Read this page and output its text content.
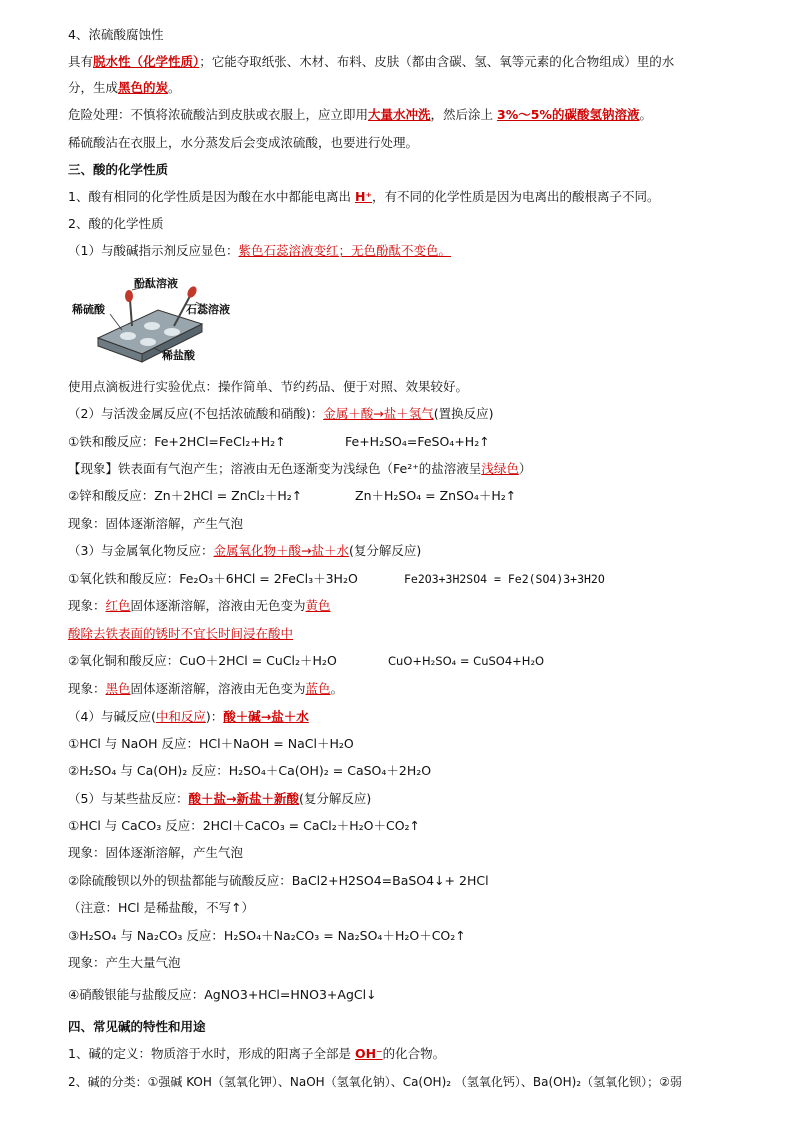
4、浓硫酸腐蚀性
具有脱水性（化学性质）；它能夺取纸张、木材、布料、皮肤（都由含碳、氢、氧等元素的化合物组成）里的水
分，生成黑色的炭。
危险处理：不慎将浓硫酸沾到皮肤或衣服上，应立即用大量水冲洗，然后涂上 3%～5%的碳酸氢钠溶液。
稀硫酸沾在衣服上，水分蒸发后会变成浓硫酸，也要进行处理。
三、酸的化学性质
1、酸有相同的化学性质是因为酸在水中都能电离出 H⁺，有不同的化学性质是因为电离出的酸根离子不同。
2、酸的化学性质
（1）与酸碱指示剂反应显色：紫色石蕊溶液变红；无色酚酞不变色。
酚酞溶液
石蕊溶液
稀硫酸
稀盐酸
使用点滴板进行实验优点：操作简单、节约药品、便于对照、效果较好。
（2）与活泼金属反应(不包括浓硫酸和硝酸)：金属＋酸→盐＋氢气(置换反应)
①铁和酸反应：Fe+2HCl=FeCl₂+H₂↑	Fe+H₂SO₄=FeSO₄+H₂↑
【现象】铁表面有气泡产生；溶液由无色逐渐变为浅绿色（Fe²⁺的盐溶液呈浅绿色）
②锌和酸反应：Zn＋2HCl = ZnCl₂＋H₂↑	Zn＋H₂SO₄ = ZnSO₄＋H₂↑
现象：固体逐渐溶解，产生气泡
（3）与金属氧化物反应：金属氧化物＋酸→盐＋水(复分解反应)
①氧化铁和酸反应：Fe₂O₃＋6HCl = 2FeCl₃＋3H₂O	Fe2O3+3H2SO4 = Fe2(SO4)3+3H2O
现象：红色固体逐渐溶解，溶液由无色变为黄色
酸除去铁表面的锈时不宜长时间浸在酸中
②氧化铜和酸反应：CuO＋2HCl = CuCl₂＋H₂O	CuO+H₂SO₄ = CuSO4+H₂O
现象：黑色固体逐渐溶解，溶液由无色变为蓝色。
（4）与碱反应(中和反应)：酸＋碱→盐＋水
①HCl 与 NaOH 反应：HCl＋NaOH = NaCl＋H₂O
②H₂SO₄ 与 Ca(OH)₂ 反应：H₂SO₄＋Ca(OH)₂ = CaSO₄＋2H₂O
（5）与某些盐反应：酸＋盐→新盐＋新酸(复分解反应)
①HCl 与 CaCO₃ 反应：2HCl＋CaCO₃ = CaCl₂＋H₂O＋CO₂↑
现象：固体逐渐溶解，产生气泡
②除硫酸钡以外的钡盐都能与硫酸反应：BaCl2+H2SO4=BaSO4↓+ 2HCl
（注意：HCl 是稀盐酸，不写↑）
③H₂SO₄ 与 Na₂CO₃ 反应：H₂SO₄＋Na₂CO₃ = Na₂SO₄＋H₂O＋CO₂↑
现象：产生大量气泡
④硝酸银能与盐酸反应：AgNO3+HCl=HNO3+AgCl↓
四、常见碱的特性和用途
1、碱的定义：物质溶于水时，形成的阳离子全部是 OH⁻的化合物。
2、碱的分类：①强碱 KOH（氢氧化钾）、NaOH（氢氧化钠）、Ca(OH)₂ （氢氧化钙）、Ba(OH)₂（氢氧化钡）；②弱
